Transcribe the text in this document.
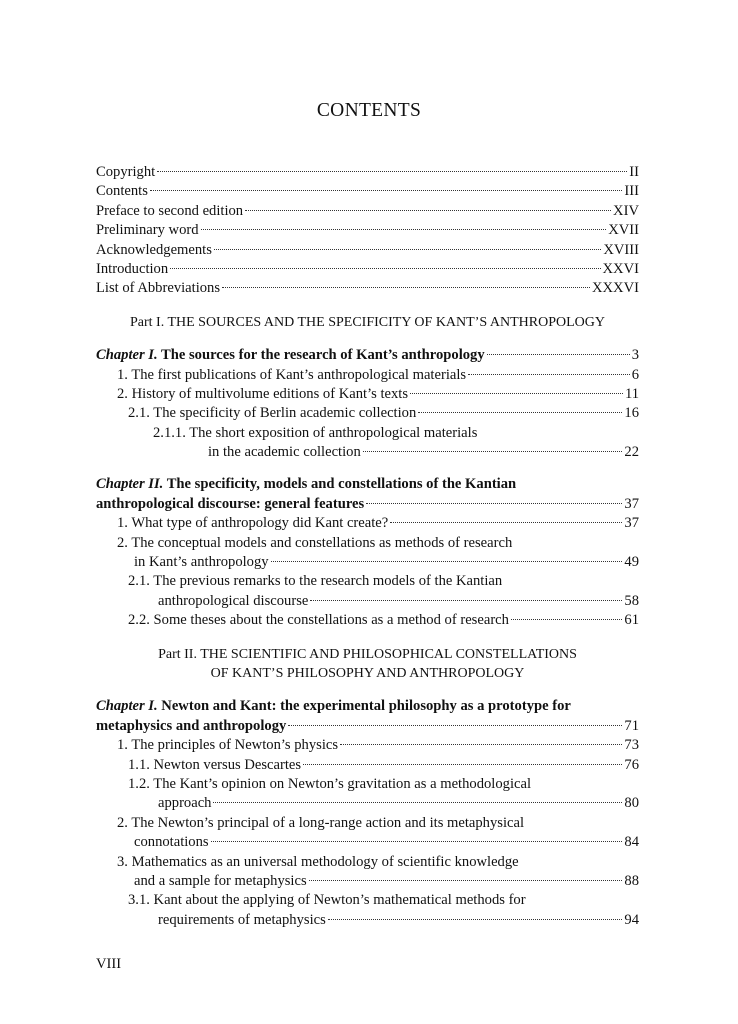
CONTENTS
Copyright	II
Contents	III
Preface to second edition	XIV
Preliminary word	XVII
Acknowledgements	XVIII
Introduction	XXVI
List of Abbreviations	XXXVI
Part I. THE SOURCES AND THE SPECIFICITY OF KANT’S ANTHROPOLOGY
Chapter I. The sources for the research of Kant’s anthropology	3
1. The first publications of Kant’s anthropological materials	6
2. History of multivolume editions of Kant’s texts	11
2.1. The specificity of Berlin academic collection	16
2.1.1. The short exposition of anthropological materials
in the academic collection	22
Chapter II. The specificity, models and constellations of the Kantian
anthropological discourse: general features	37
1. What type of anthropology did Kant create?	37
2. The conceptual models and constellations as methods of research
in Kant’s anthropology	49
2.1. The previous remarks to the research models of the Kantian
anthropological discourse	58
2.2. Some theses about the constellations as a method of research	61
Part II. THE SCIENTIFIC AND PHILOSOPHICAL CONSTELLATIONS
OF KANT’S PHILOSOPHY AND ANTHROPOLOGY
Chapter I. Newton and Kant: the experimental philosophy as a prototype for
metaphysics and anthropology	71
1. The principles of Newton’s physics	73
1.1. Newton versus Descartes	76
1.2. The Kant’s opinion on Newton’s gravitation as a methodological
approach	80
2. The Newton’s principal of a long-range action and its metaphysical
connotations	84
3. Mathematics as an universal methodology of scientific knowledge
and a sample for metaphysics	88
3.1. Kant about the applying of Newton’s mathematical methods for
requirements of metaphysics	94
VIII
